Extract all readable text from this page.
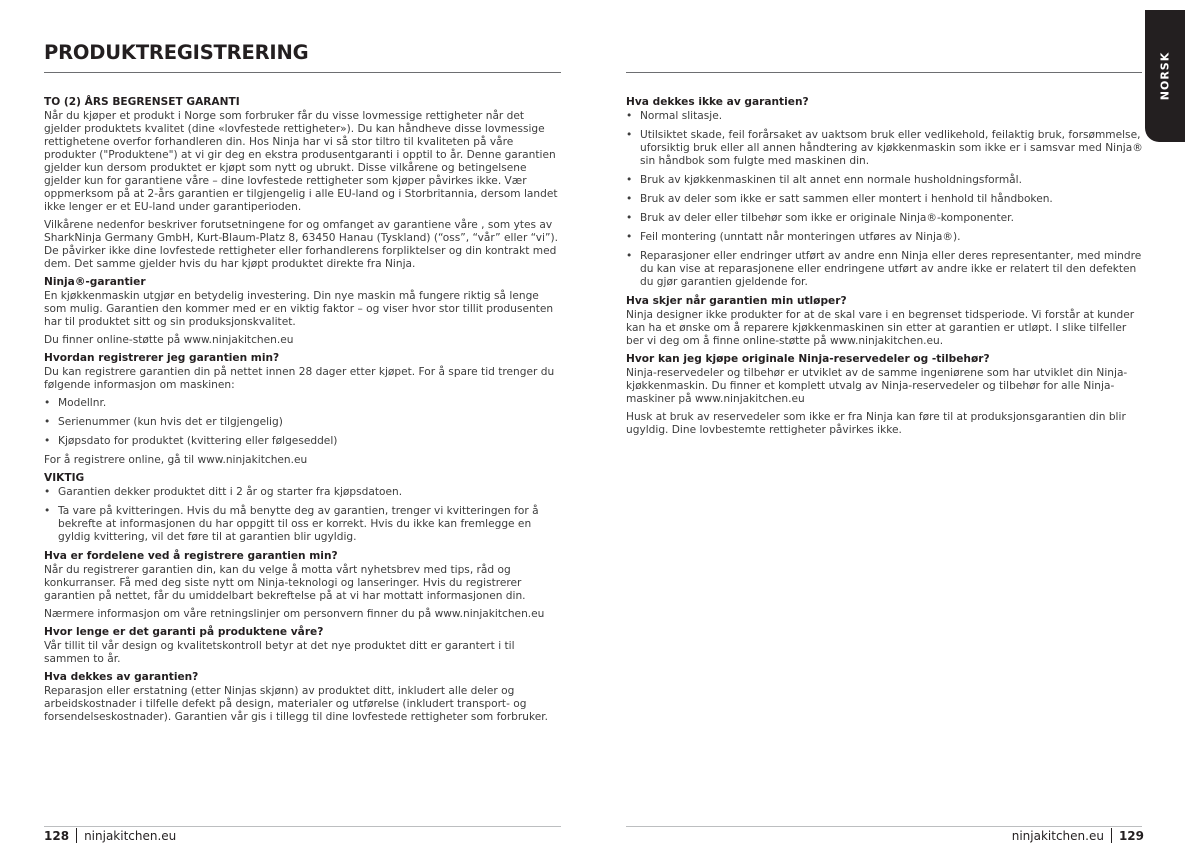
PRODUKTREGISTRERING
TO (2) ÅRS BEGRENSET GARANTI
Når du kjøper et produkt i Norge som forbruker får du visse lovmessige rettigheter når det gjelder produktets kvalitet (dine «lovfestede rettigheter»). Du kan håndheve disse lovmessige rettighetene overfor forhandleren din. Hos Ninja har vi så stor tiltro til kvaliteten på våre produkter ("Produktene") at vi gir deg en ekstra produsentgaranti i opptil to år. Denne garantien gjelder kun dersom produktet er kjøpt som nytt og ubrukt. Disse vilkårene og betingelsene gjelder kun for garantiene våre – dine lovfestede rettigheter som kjøper påvirkes ikke. Vær oppmerksom på at 2-års garantien er tilgjengelig i alle EU-land og i Storbritannia, dersom landet ikke lenger er et EU-land under garantiperioden.
Vilkårene nedenfor beskriver forutsetningene for og omfanget av garantiene våre , som ytes av SharkNinja Germany GmbH, Kurt-Blaum-Platz 8, 63450 Hanau (Tyskland) (“oss”, “vår” eller “vi”). De påvirker ikke dine lovfestede rettigheter eller forhandlerens forpliktelser og din kontrakt med dem. Det samme gjelder hvis du har kjøpt produktet direkte fra Ninja.
Ninja®-garantier
En kjøkkenmaskin utgjør en betydelig investering. Din nye maskin må fungere riktig så lenge som mulig. Garantien den kommer med er en viktig faktor – og viser hvor stor tillit produsenten har til produktet sitt og sin produksjonskvalitet.
Du finner online-støtte på www.ninjakitchen.eu
Hvordan registrerer jeg garantien min?
Du kan registrere garantien din på nettet innen 28 dager etter kjøpet. For å spare tid trenger du følgende informasjon om maskinen:
• Modellnr.
• Serienummer (kun hvis det er tilgjengelig)
• Kjøpsdato for produktet (kvittering eller følgeseddel)
For å registrere online, gå til www.ninjakitchen.eu
VIKTIG
• Garantien dekker produktet ditt i 2 år og starter fra kjøpsdatoen.
• Ta vare på kvitteringen. Hvis du må benytte deg av garantien, trenger vi kvitteringen for å bekrefte at informasjonen du har oppgitt til oss er korrekt. Hvis du ikke kan fremlegge en gyldig kvittering, vil det føre til at garantien blir ugyldig.
Hva er fordelene ved å registrere garantien min?
Når du registrerer garantien din, kan du velge å motta vårt nyhetsbrev med tips, råd og konkurranser. Få med deg siste nytt om Ninja-teknologi og lanseringer. Hvis du registrerer garantien på nettet, får du umiddelbart bekreftelse på at vi har mottatt informasjonen din.
Nærmere informasjon om våre retningslinjer om personvern finner du på www.ninjakitchen.eu
Hvor lenge er det garanti på produktene våre?
Vår tillit til vår design og kvalitetskontroll betyr at det nye produktet ditt er garantert i til sammen to år.
Hva dekkes av garantien?
Reparasjon eller erstatning (etter Ninjas skjønn) av produktet ditt, inkludert alle deler og arbeidskostnader i tilfelle defekt på design, materialer og utførelse (inkludert transport- og forsendelseskostnader). Garantien vår gis i tillegg til dine lovfestede rettigheter som forbruker.
128 ninjakitchen.eu
Hva dekkes ikke av garantien?
• Normal slitasje.
• Utilsiktet skade, feil forårsaket av uaktsom bruk eller vedlikehold, feilaktig bruk, forsømmelse, uforsiktig bruk eller all annen håndtering av kjøkkenmaskin som ikke er i samsvar med Ninja® sin håndbok som fulgte med maskinen din.
• Bruk av kjøkkenmaskinen til alt annet enn normale husholdningsformål.
• Bruk av deler som ikke er satt sammen eller montert i henhold til håndboken.
• Bruk av deler eller tilbehør som ikke er originale Ninja®-komponenter.
• Feil montering (unntatt når monteringen utføres av Ninja®).
• Reparasjoner eller endringer utført av andre enn Ninja eller deres representanter, med mindre du kan vise at reparasjonene eller endringene utført av andre ikke er relatert til den defekten du gjør garantien gjeldende for.
Hva skjer når garantien min utløper?
Ninja designer ikke produkter for at de skal vare i en begrenset tidsperiode. Vi forstår at kunder kan ha et ønske om å reparere kjøkkenmaskinen sin etter at garantien er utløpt. I slike tilfeller ber vi deg om å finne online-støtte på www.ninjakitchen.eu.
Hvor kan jeg kjøpe originale Ninja-reservedeler og -tilbehør?
Ninja-reservedeler og tilbehør er utviklet av de samme ingeniørene som har utviklet din Ninja-kjøkkenmaskin. Du finner et komplett utvalg av Ninja-reservedeler og tilbehør for alle Ninja-maskiner på www.ninjakitchen.eu
Husk at bruk av reservedeler som ikke er fra Ninja kan føre til at produksjonsgarantien din blir ugyldig. Dine lovbestemte rettigheter påvirkes ikke.
ninjakitchen.eu 129
NORSK
